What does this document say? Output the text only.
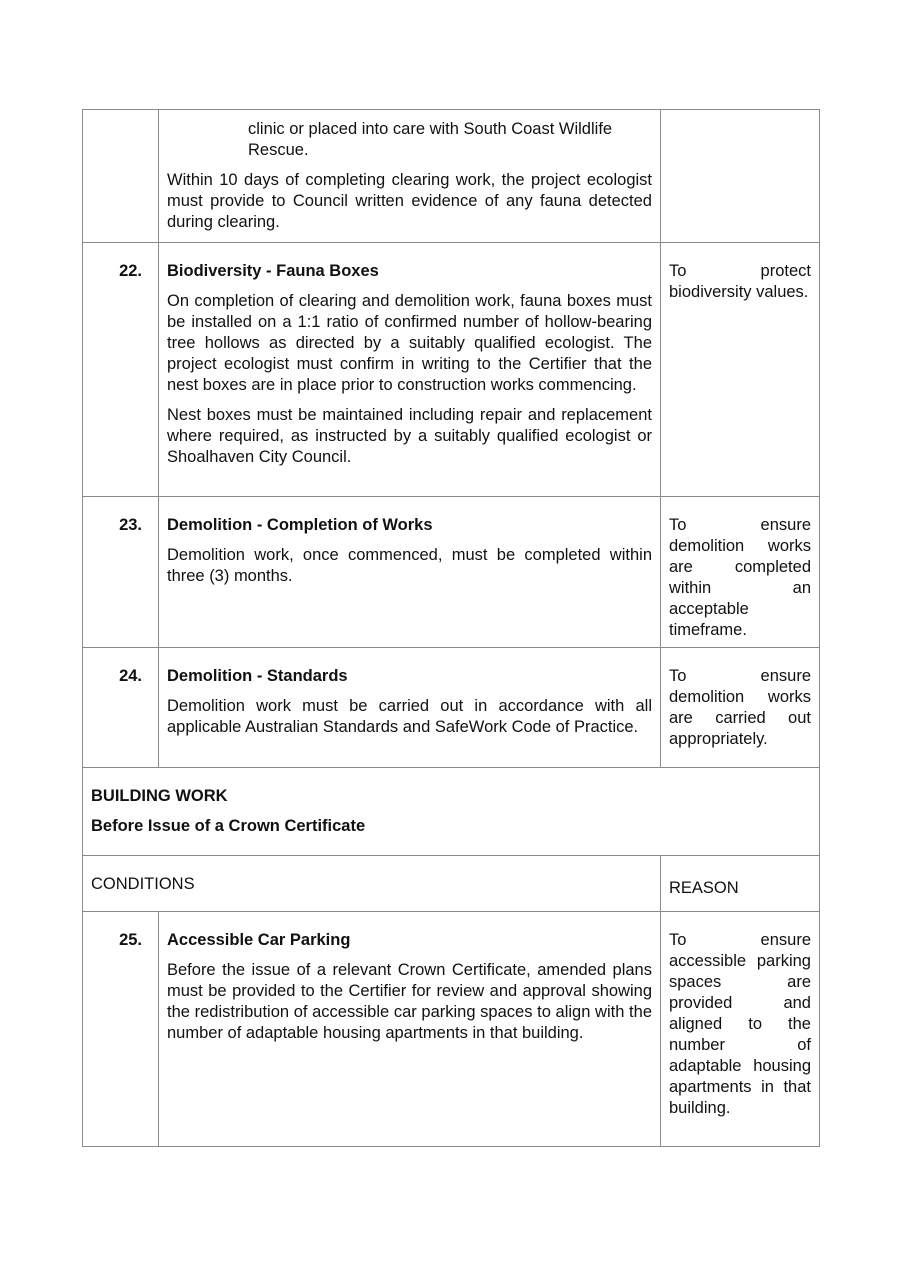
	clinic or placed into care with South Coast Wildlife Rescue.

Within 10 days of completing clearing work, the project ecologist must provide to Council written evidence of any fauna detected during clearing.	

22.	Biodiversity - Fauna Boxes

On completion of clearing and demolition work, fauna boxes must be installed on a 1:1 ratio of confirmed number of hollow-bearing tree hollows as directed by a suitably qualified ecologist. The project ecologist must confirm in writing to the Certifier that the nest boxes are in place prior to construction works commencing.

Nest boxes must be maintained including repair and replacement where required, as instructed by a suitably qualified ecologist or Shoalhaven City Council.	To protect biodiversity values.
23.	Demolition - Completion of Works

Demolition work, once commenced, must be completed within three (3) months.	To ensure demolition works are completed within an acceptable timeframe.
24.	Demolition - Standards

Demolition work must be carried out in accordance with all applicable Australian Standards and SafeWork Code of Practice.	To ensure demolition works are carried out appropriately.

BUILDING WORK
Before Issue of a Crown Certificate		

CONDITIONS		REASON
25.	Accessible Car Parking

Before the issue of a relevant Crown Certificate, amended plans must be provided to the Certifier for review and approval showing the redistribution of accessible car parking spaces to align with the number of adaptable housing apartments in that building.	To ensure accessible parking spaces are provided and aligned to the number of adaptable housing apartments in that building.
